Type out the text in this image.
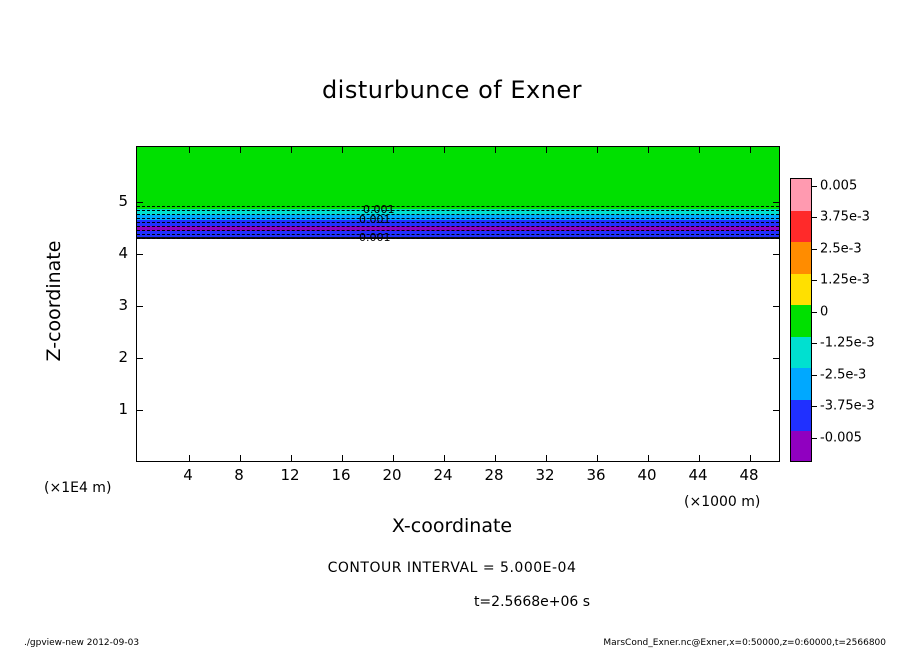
disturbunce of Exner
0.001
0.001
0.001
4	8	12	16	20	24	28	32	36	40	44	48
1
2
3
4
5
Z-coordinate
X-coordinate
(×1E4 m)
(×1000 m)
CONTOUR INTERVAL = 5.000E-04
t=2.5668e+06 s
0.005
3.75e-3
2.5e-3
1.25e-3
0
-1.25e-3
-2.5e-3
-3.75e-3
-0.005
./gpview-new 2012-09-03	MarsCond_Exner.nc@Exner,x=0:50000,z=0:60000,t=2566800
